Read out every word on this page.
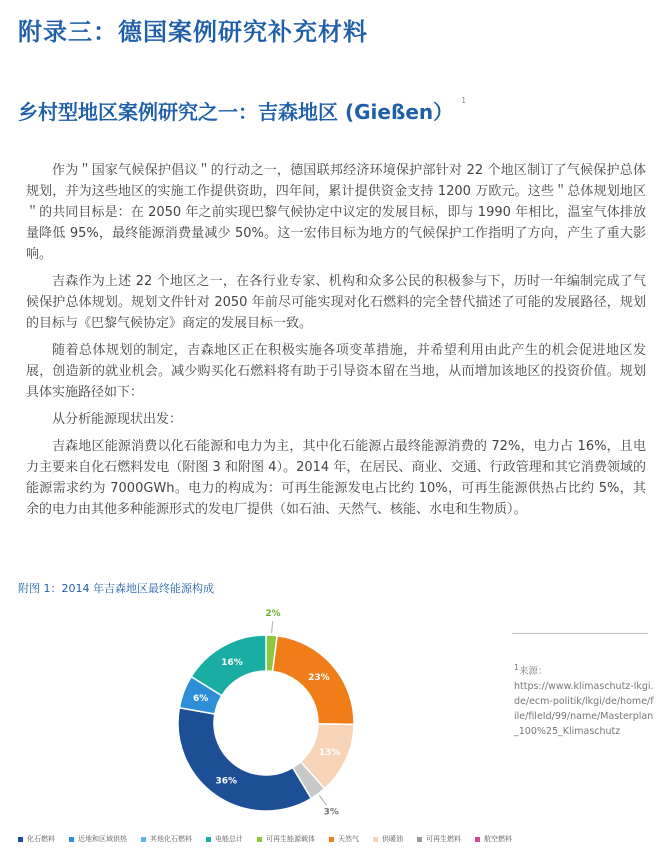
附录三：德国案例研究补充材料
乡村型地区案例研究之一：吉森地区 (Gießen） $^1$

作为＂国家气候保护倡议＂的行动之一，德国联邦经济环境保护部针对 22 个地区制订了气候保护总体规划，并为这些地区的实施工作提供资助，四年间，累计提供资金支持 1200 万欧元。这些＂总体规划地区＂的共同目标是：在 2050 年之前实现巴黎气候协定中议定的发展目标，即与 1990 年相比，温室气体排放量降低 95%，最终能源消费量减少 50%。这一宏伟目标为地方的气候保护工作指明了方向，产生了重大影响。

吉森作为上述 22 个地区之一，在各行业专家、机构和众多公民的积极参与下，历时一年编制完成了气候保护总体规划。规划文件针对 2050 年前尽可能实现对化石燃料的完全替代描述了可能的发展路径，规划的目标与《巴黎气候协定》商定的发展目标一致。

随着总体规划的制定，吉森地区正在积极实施各项变革措施，并希望利用由此产生的机会促进地区发展，创造新的就业机会。减少购买化石燃料将有助于引导资本留在当地，从而增加该地区的投资价值。规划具体实施路径如下：

从分析能源现状出发：

吉森地区能源消费以化石能源和电力为主，其中化石能源占最终能源消费的 72%，电力占 16%，且电力主要来自化石燃料发电（附图 3 和附图 4）。2014 年，在居民、商业、交通、行政管理和其它消费领域的能源需求约为 7000GWh。电力的构成为：可再生能源发电占比约 10%，可再生能源供热占比约 5%，其余的电力由其他多种能源形式的发电厂提供（如石油、天然气、核能、水电和生物质）。

附图 1：2014 年吉森地区最终能源构成
2%
23%
13%
3%
36%
6%
16%	$^1$来源：
https://www.klimaschutz-lkgi.de/ecm-politik/lkgi/de/home/file/fileId/99/name/Masterplan_100%25_Klimaschutz
化石燃料	近地和区域供热	其他化石燃料	电能总计	可再生能源载体	天然气	供暖油	可再生燃料	航空燃料
